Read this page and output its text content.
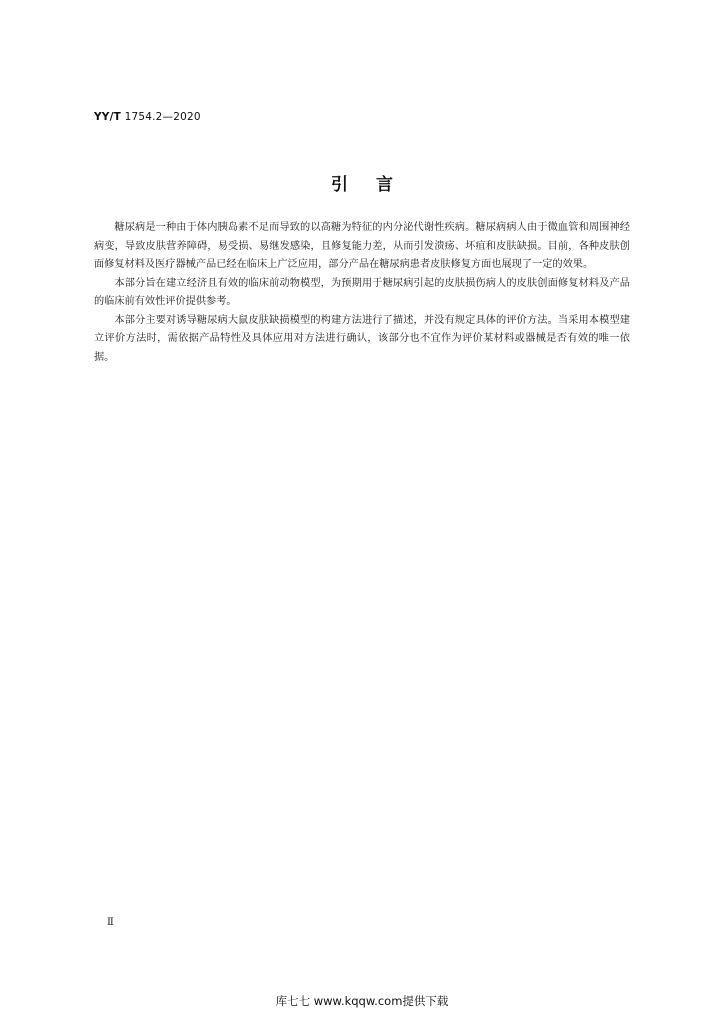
YY/T 1754.2—2020
引言

糖尿病是一种由于体内胰岛素不足而导致的以高糖为特征的内分泌代谢性疾病。糖尿病病人由于微血管和周围神经病变，导致皮肤营养障碍，易受损、易继发感染，且修复能力差，从而引发溃疡、坏疽和皮肤缺损。目前，各种皮肤创面修复材料及医疗器械产品已经在临床上广泛应用，部分产品在糖尿病患者皮肤修复方面也展现了一定的效果。

本部分旨在建立经济且有效的临床前动物模型，为预期用于糖尿病引起的皮肤损伤病人的皮肤创面修复材料及产品的临床前有效性评价提供参考。

本部分主要对诱导糖尿病大鼠皮肤缺损模型的构建方法进行了描述，并没有规定具体的评价方法。当采用本模型建立评价方法时，需依据产品特性及具体应用对方法进行确认，该部分也不宜作为评价某材料或器械是否有效的唯一依据。

Ⅱ
库七七 www.kqqw.com提供下载
